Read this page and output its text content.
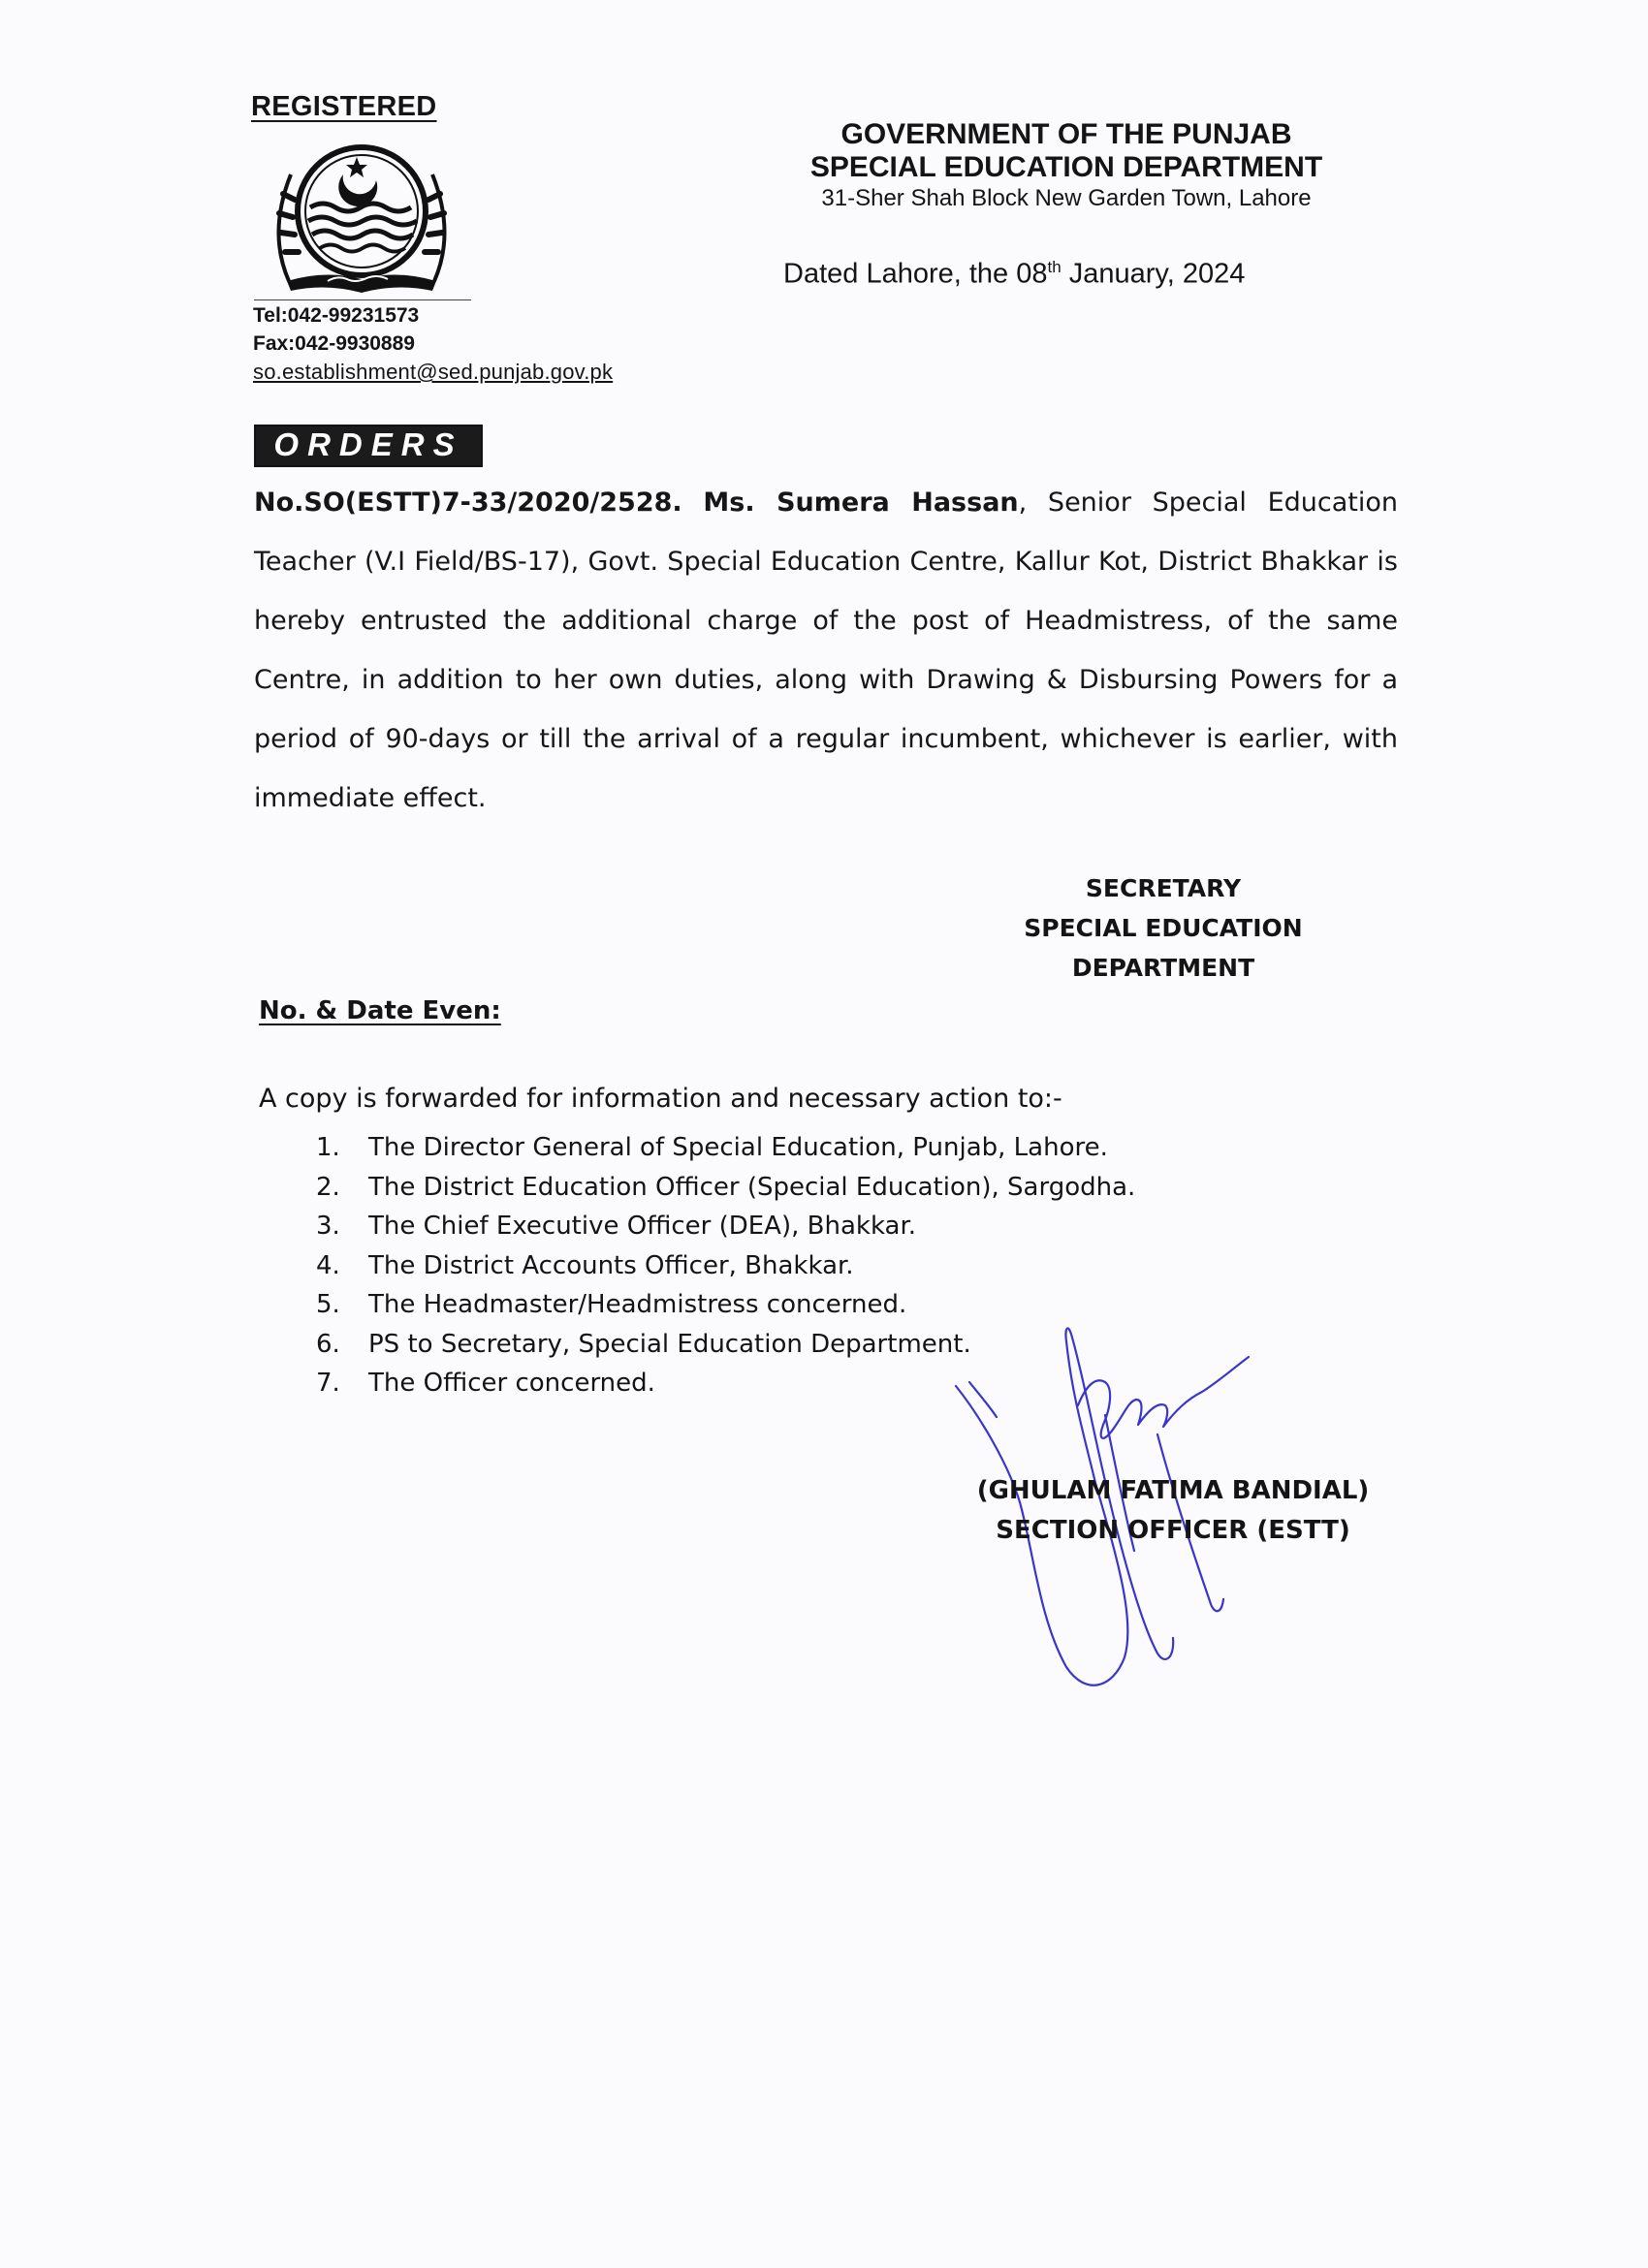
REGISTERED
Tel:042-99231573
Fax:042-9930889
so.establishment@sed.punjab.gov.pk
GOVERNMENT OF THE PUNJAB
SPECIAL EDUCATION DEPARTMENT
31-Sher Shah Block New Garden Town, Lahore
Dated Lahore, the 08th January, 2024
ORDERS
No.SO(ESTT)7-33/2020/2528. Ms. Sumera Hassan, Senior Special Education Teacher (V.I Field/BS-17), Govt. Special Education Centre, Kallur Kot, District Bhakkar is hereby entrusted the additional charge of the post of Headmistress, of the same Centre, in addition to her own duties, along with Drawing & Disbursing Powers for a period of 90-days or till the arrival of a regular incumbent, whichever is earlier, with immediate effect.
SECRETARY
SPECIAL EDUCATION
DEPARTMENT
No. & Date Even:
A copy is forwarded for information and necessary action to:-
1.	The Director General of Special Education, Punjab, Lahore.
2.	The District Education Officer (Special Education), Sargodha.
3.	The Chief Executive Officer (DEA), Bhakkar.
4.	The District Accounts Officer, Bhakkar.
5.	The Headmaster/Headmistress concerned.
6.	PS to Secretary, Special Education Department.
7.	The Officer concerned.
(GHULAM FATIMA BANDIAL)
SECTION OFFICER (ESTT)
